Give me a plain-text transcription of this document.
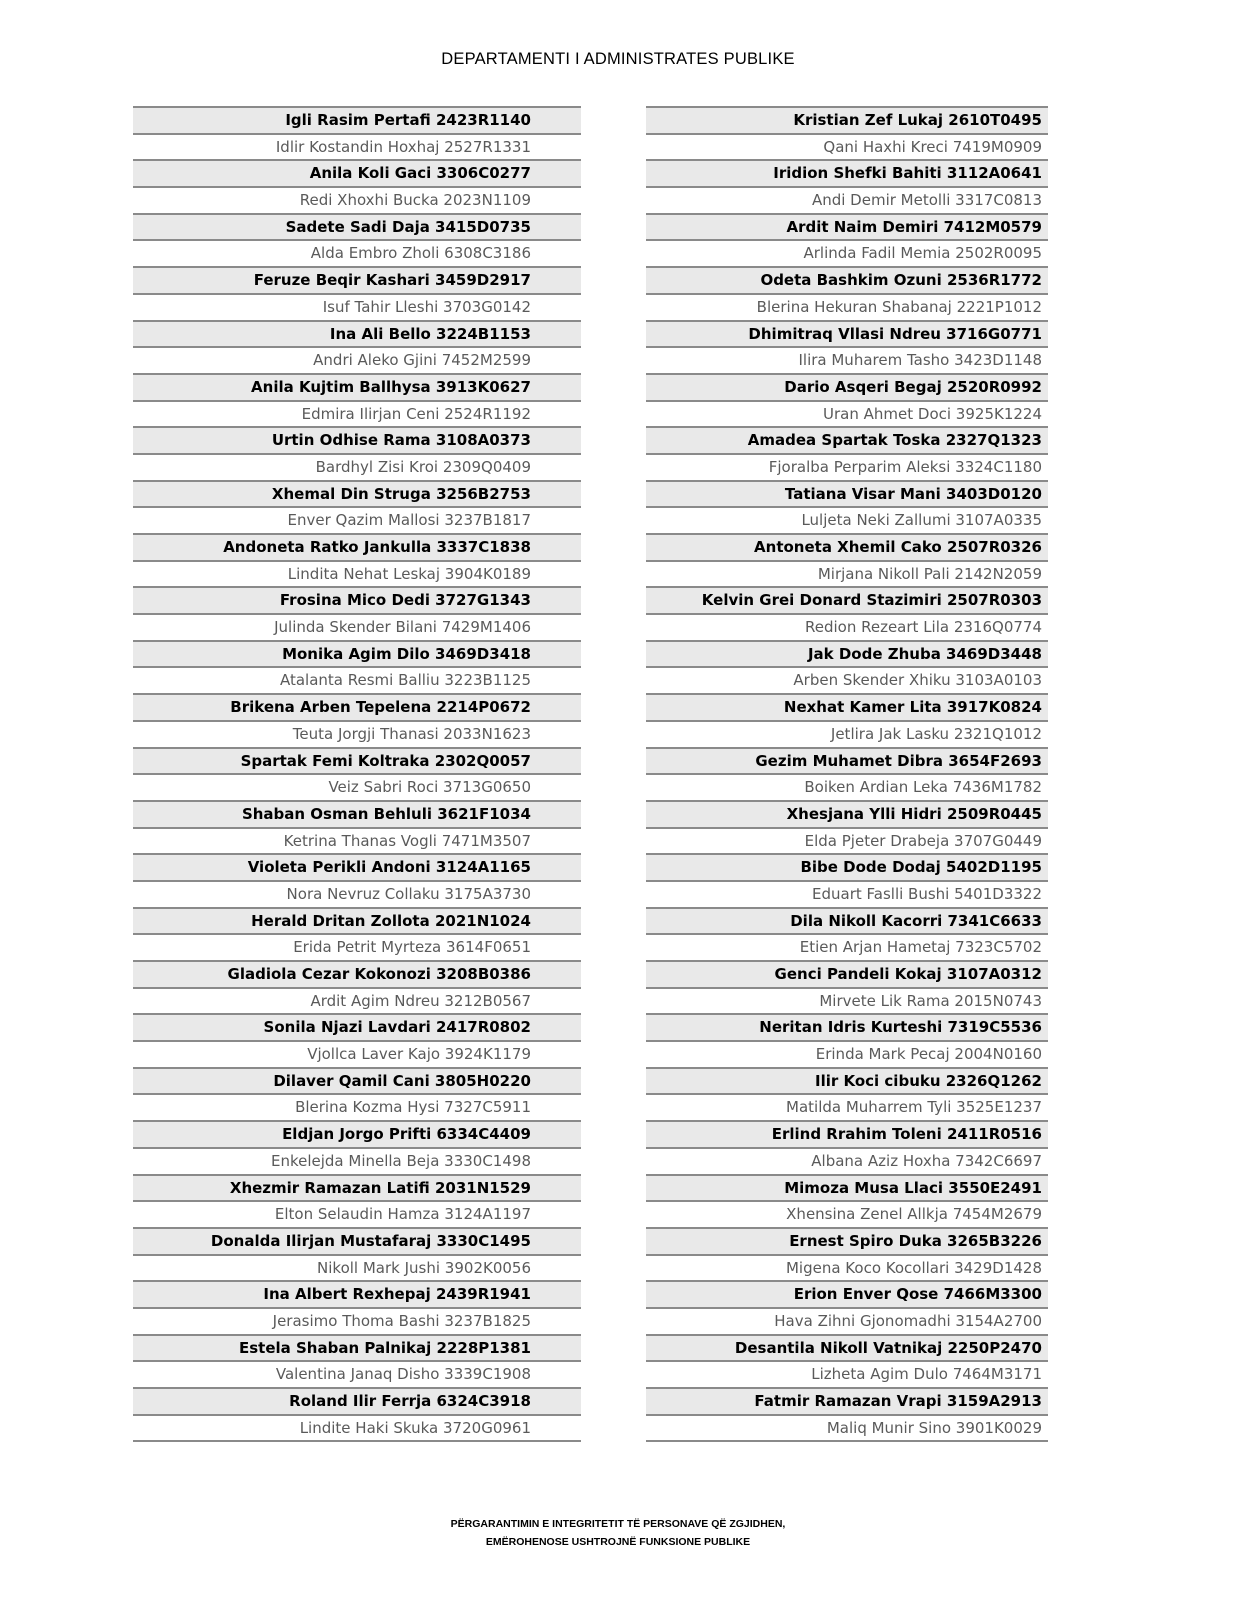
DEPARTAMENTI I ADMINISTRATES PUBLIKE
Igli Rasim Pertafi 2423R1140
Idlir Kostandin Hoxhaj 2527R1331
Anila Koli Gaci 3306C0277
Redi Xhoxhi Bucka 2023N1109
Sadete Sadi Daja 3415D0735
Alda Embro Zholi 6308C3186
Feruze Beqir Kashari 3459D2917
Isuf Tahir Lleshi 3703G0142
Ina Ali Bello 3224B1153
Andri Aleko Gjini 7452M2599
Anila Kujtim Ballhysa 3913K0627
Edmira Ilirjan Ceni 2524R1192
Urtin Odhise Rama 3108A0373
Bardhyl Zisi Kroi 2309Q0409
Xhemal Din Struga 3256B2753
Enver Qazim Mallosi 3237B1817
Andoneta Ratko Jankulla 3337C1838
Lindita Nehat Leskaj 3904K0189
Frosina Mico Dedi 3727G1343
Julinda Skender Bilani 7429M1406
Monika Agim Dilo 3469D3418
Atalanta Resmi Balliu 3223B1125
Brikena Arben Tepelena 2214P0672
Teuta Jorgji Thanasi 2033N1623
Spartak Femi Koltraka 2302Q0057
Veiz Sabri Roci 3713G0650
Shaban Osman Behluli 3621F1034
Ketrina Thanas Vogli 7471M3507
Violeta Perikli Andoni 3124A1165
Nora Nevruz Collaku 3175A3730
Herald Dritan Zollota 2021N1024
Erida Petrit Myrteza 3614F0651
Gladiola Cezar Kokonozi 3208B0386
Ardit Agim Ndreu 3212B0567
Sonila Njazi Lavdari 2417R0802
Vjollca Laver Kajo 3924K1179
Dilaver Qamil Cani 3805H0220
Blerina Kozma Hysi 7327C5911
Eldjan Jorgo Prifti 6334C4409
Enkelejda Minella Beja 3330C1498
Xhezmir Ramazan Latifi 2031N1529
Elton Selaudin Hamza 3124A1197
Donalda Ilirjan Mustafaraj 3330C1495
Nikoll Mark Jushi 3902K0056
Ina Albert Rexhepaj 2439R1941
Jerasimo Thoma Bashi 3237B1825
Estela Shaban Palnikaj 2228P1381
Valentina Janaq Disho 3339C1908
Roland Ilir Ferrja 6324C3918
Lindite Haki Skuka 3720G0961
Kristian Zef Lukaj 2610T0495
Qani Haxhi Kreci 7419M0909
Iridion Shefki Bahiti 3112A0641
Andi Demir Metolli 3317C0813
Ardit Naim Demiri 7412M0579
Arlinda Fadil Memia 2502R0095
Odeta Bashkim Ozuni 2536R1772
Blerina Hekuran Shabanaj 2221P1012
Dhimitraq Vllasi Ndreu 3716G0771
Ilira Muharem Tasho 3423D1148
Dario Asqeri Begaj 2520R0992
Uran Ahmet Doci 3925K1224
Amadea Spartak Toska 2327Q1323
Fjoralba Perparim Aleksi 3324C1180
Tatiana Visar Mani 3403D0120
Luljeta Neki Zallumi 3107A0335
Antoneta Xhemil Cako 2507R0326
Mirjana Nikoll Pali 2142N2059
Kelvin Grei Donard Stazimiri 2507R0303
Redion Rezeart Lila 2316Q0774
Jak Dode Zhuba 3469D3448
Arben Skender Xhiku 3103A0103
Nexhat Kamer Lita 3917K0824
Jetlira Jak Lasku 2321Q1012
Gezim Muhamet Dibra 3654F2693
Boiken Ardian Leka 7436M1782
Xhesjana Ylli Hidri 2509R0445
Elda Pjeter Drabeja 3707G0449
Bibe Dode Dodaj 5402D1195
Eduart Faslli Bushi 5401D3322
Dila Nikoll Kacorri 7341C6633
Etien Arjan Hametaj 7323C5702
Genci Pandeli Kokaj 3107A0312
Mirvete Lik Rama 2015N0743
Neritan Idris Kurteshi 7319C5536
Erinda Mark Pecaj 2004N0160
Ilir Koci cibuku 2326Q1262
Matilda Muharrem Tyli 3525E1237
Erlind Rrahim Toleni 2411R0516
Albana Aziz Hoxha 7342C6697
Mimoza Musa Llaci 3550E2491
Xhensina Zenel Allkja 7454M2679
Ernest Spiro Duka 3265B3226
Migena Koco Kocollari 3429D1428
Erion Enver Qose 7466M3300
Hava Zihni Gjonomadhi 3154A2700
Desantila Nikoll Vatnikaj 2250P2470
Lizheta Agim Dulo 7464M3171
Fatmir Ramazan Vrapi 3159A2913
Maliq Munir Sino 3901K0029
PËRGARANTIMIN E INTEGRITETIT TË PERSONAVE QË ZGJIDHEN,
EMËROHENOSE USHTROJNË FUNKSIONE PUBLIKE
